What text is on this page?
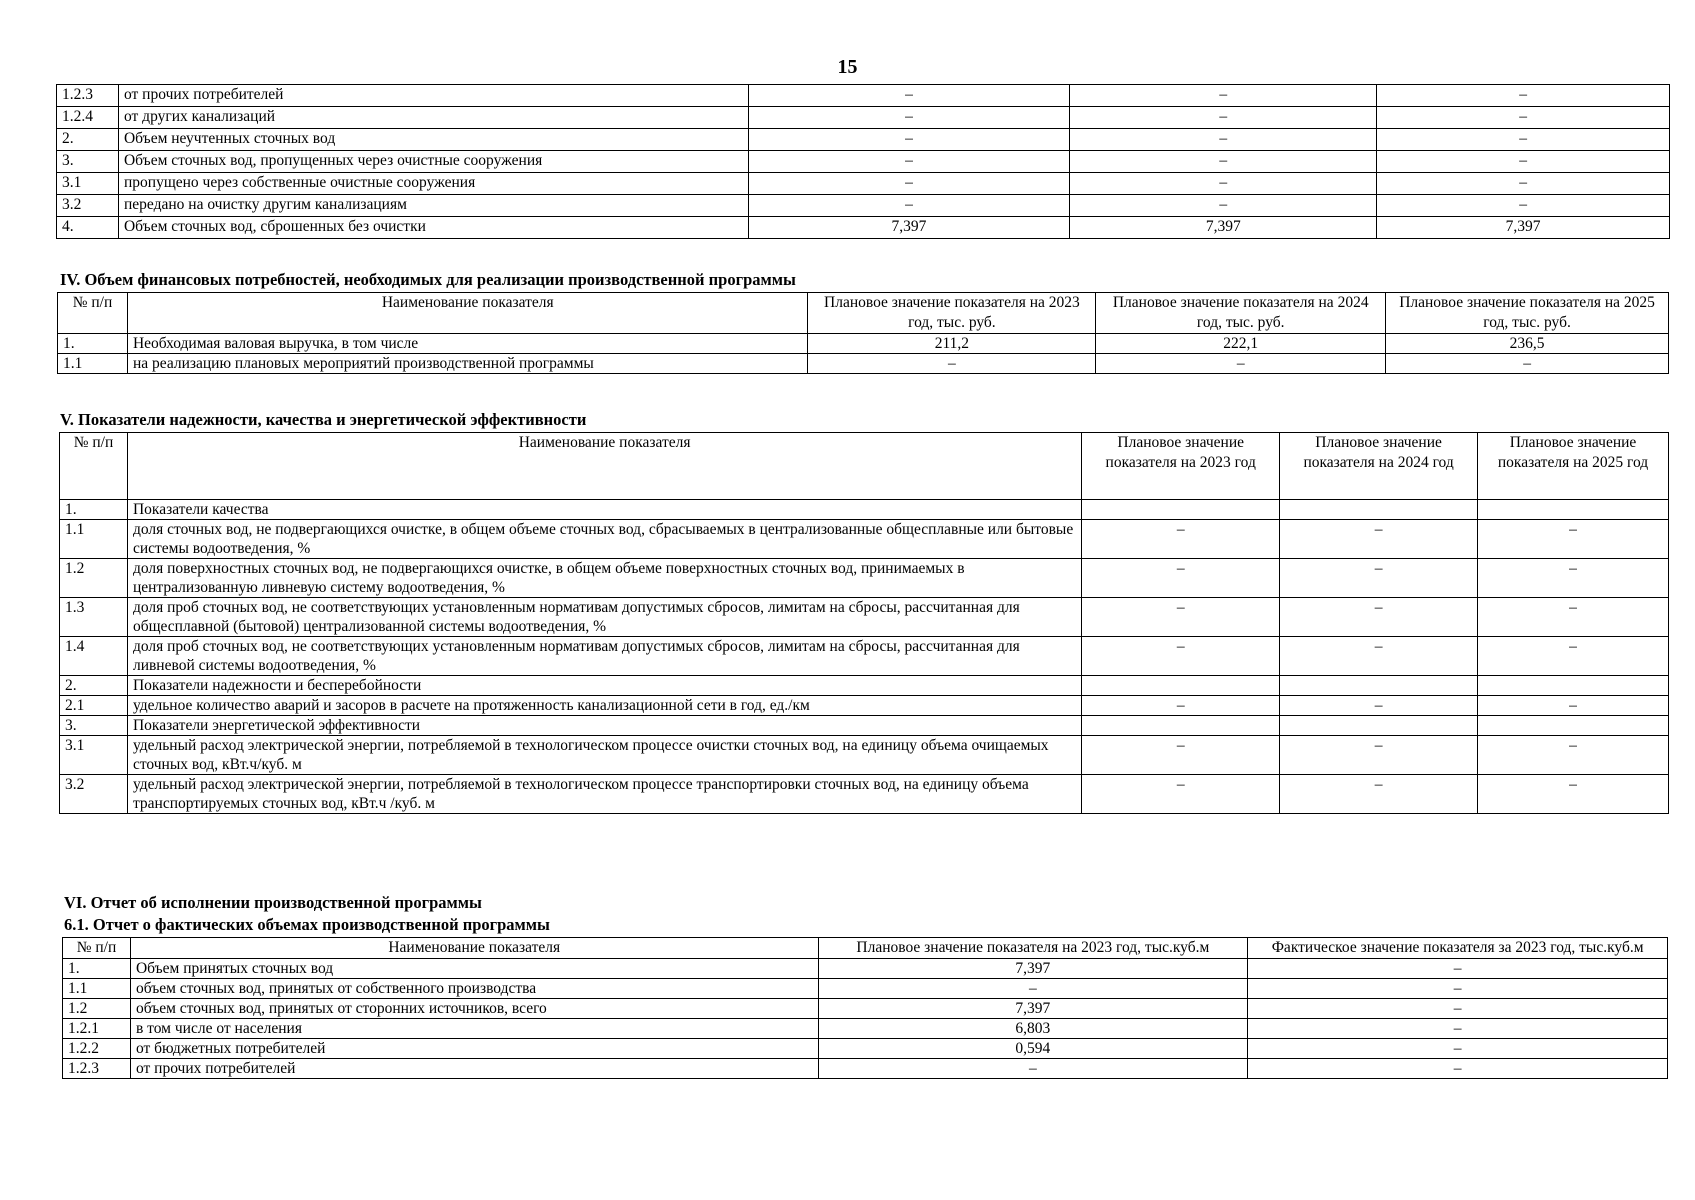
15
1.2.3	от прочих потребителей	–	–	–
1.2.4	от других канализаций	–	–	–
2.	Объем неучтенных сточных вод	–	–	–
3.	Объем сточных вод, пропущенных через очистные сооружения	–	–	–
3.1	пропущено через собственные очистные сооружения	–	–	–
3.2	передано на очистку другим канализациям	–	–	–
4.	Объем сточных вод, сброшенных без очистки	7,397	7,397	7,397
IV. Объем финансовых потребностей, необходимых для реализации производственной программы
№ п/п	Наименование показателя	Плановое значение показателя на 2023 год, тыс. руб.	Плановое значение показателя на 2024 год, тыс. руб.	Плановое значение показателя на 2025 год, тыс. руб.
1.	Необходимая валовая выручка, в том числе	211,2	222,1	236,5
1.1	на реализацию плановых мероприятий производственной программы	–	–	–
V. Показатели надежности, качества и энергетической эффективности
№ п/п	Наименование показателя	Плановое значение показателя на 2023 год	Плановое значение показателя на 2024 год	Плановое значение показателя на 2025 год
1.	Показатели качества			
1.1	доля сточных вод, не подвергающихся очистке, в общем объеме сточных вод, сбрасываемых в централизованные общесплавные или бытовые системы водоотведения, %	–	–	–
1.2	доля поверхностных сточных вод, не подвергающихся очистке, в общем объеме поверхностных сточных вод, принимаемых в централизованную ливневую систему водоотведения, %	–	–	–
1.3	доля проб сточных вод, не соответствующих установленным нормативам допустимых сбросов, лимитам на сбросы, рассчитанная для общесплавной (бытовой) централизованной системы водоотведения, %	–	–	–
1.4	доля проб сточных вод, не соответствующих установленным нормативам допустимых сбросов, лимитам на сбросы, рассчитанная для ливневой системы водоотведения, %	–	–	–
2.	Показатели надежности и бесперебойности			
2.1	удельное количество аварий и засоров в расчете на протяженность канализационной сети в год, ед./км	–	–	–
3.	Показатели энергетической эффективности			
3.1	удельный расход электрической энергии, потребляемой в технологическом процессе очистки сточных вод, на единицу объема очищаемых сточных вод, кВт.ч/куб. м	–	–	–
3.2	удельный расход электрической энергии, потребляемой в технологическом процессе транспортировки сточных вод, на единицу объема транспортируемых сточных вод, кВт.ч /куб. м	–	–	–
VI. Отчет об исполнении производственной программы
6.1. Отчет о фактических объемах производственной программы
№ п/п	Наименование показателя	Плановое значение показателя на 2023 год, тыс.куб.м	Фактическое значение показателя за 2023 год, тыс.куб.м
1.	Объем принятых сточных вод	7,397	–
1.1	объем сточных вод, принятых от собственного производства	–	–
1.2	объем сточных вод, принятых от сторонних источников, всего	7,397	–
1.2.1	в том числе от населения	6,803	–
1.2.2	от бюджетных потребителей	0,594	–
1.2.3	от прочих потребителей	–	–
